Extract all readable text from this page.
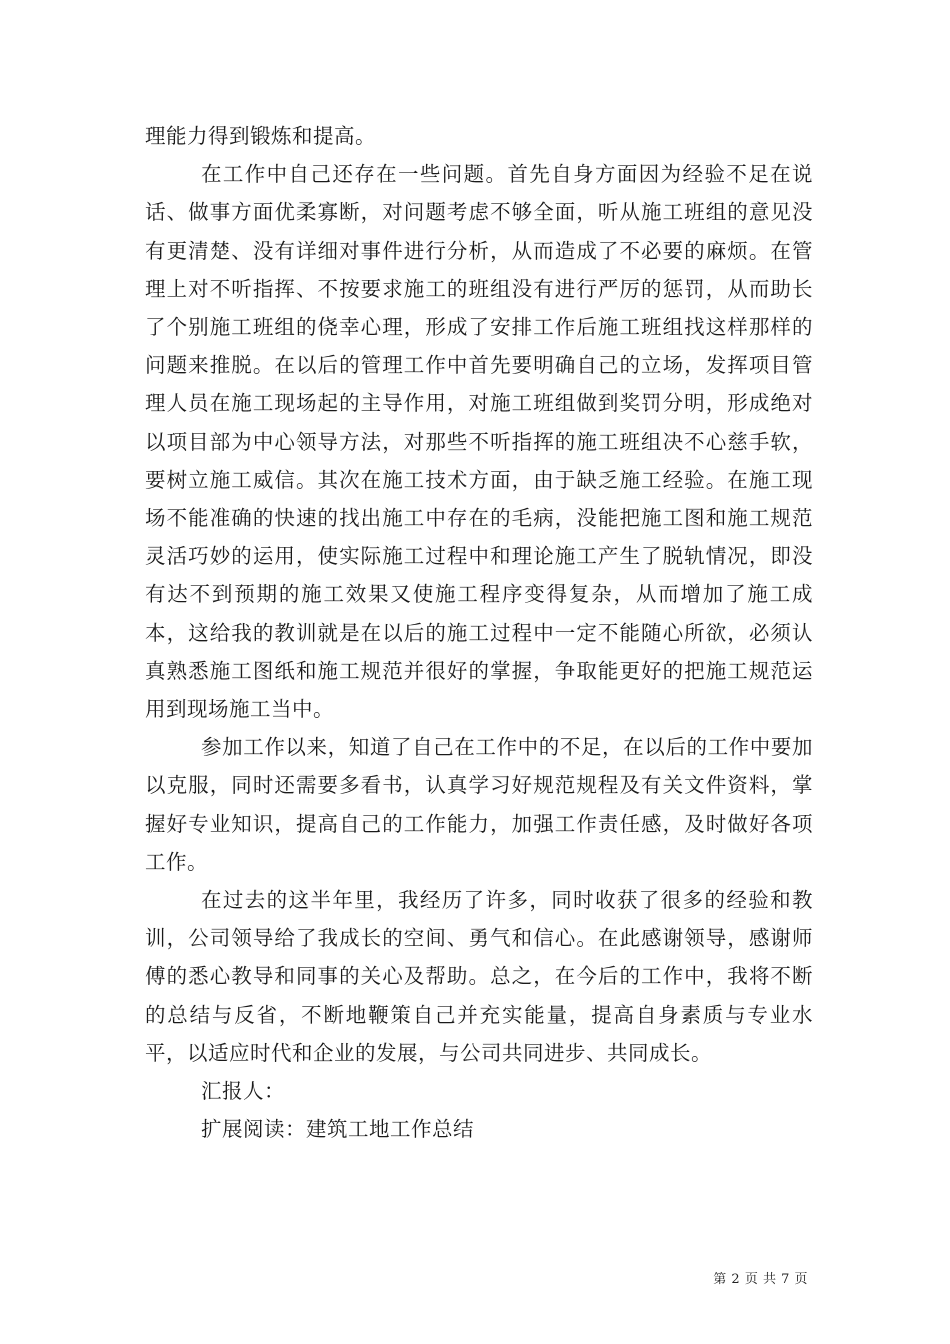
理能力得到锻炼和提高。

在工作中自己还存在一些问题。首先自身方面因为经验不足在说话、做事方面优柔寡断，对问题考虑不够全面，听从施工班组的意见没有更清楚、没有详细对事件进行分析，从而造成了不必要的麻烦。在管理上对不听指挥、不按要求施工的班组没有进行严厉的惩罚，从而助长了个别施工班组的侥幸心理，形成了安排工作后施工班组找这样那样的问题来推脱。在以后的管理工作中首先要明确自己的立场，发挥项目管理人员在施工现场起的主导作用，对施工班组做到奖罚分明，形成绝对以项目部为中心领导方法，对那些不听指挥的施工班组决不心慈手软，要树立施工威信。其次在施工技术方面，由于缺乏施工经验。在施工现场不能准确的快速的找出施工中存在的毛病，没能把施工图和施工规范灵活巧妙的运用，使实际施工过程中和理论施工产生了脱轨情况，即没有达不到预期的施工效果又使施工程序变得复杂，从而增加了施工成本，这给我的教训就是在以后的施工过程中一定不能随心所欲，必须认真熟悉施工图纸和施工规范并很好的掌握，争取能更好的把施工规范运用到现场施工当中。

参加工作以来，知道了自己在工作中的不足，在以后的工作中要加以克服，同时还需要多看书，认真学习好规范规程及有关文件资料，掌握好专业知识，提高自己的工作能力，加强工作责任感，及时做好各项工作。

在过去的这半年里，我经历了许多，同时收获了很多的经验和教训，公司领导给了我成长的空间、勇气和信心。在此感谢领导，感谢师傅的悉心教导和同事的关心及帮助。总之，在今后的工作中，我将不断的总结与反省，不断地鞭策自己并充实能量，提高自身素质与专业水平，以适应时代和企业的发展，与公司共同进步、共同成长。

汇报人：

扩展阅读：建筑工地工作总结

第 2 页 共 7 页
